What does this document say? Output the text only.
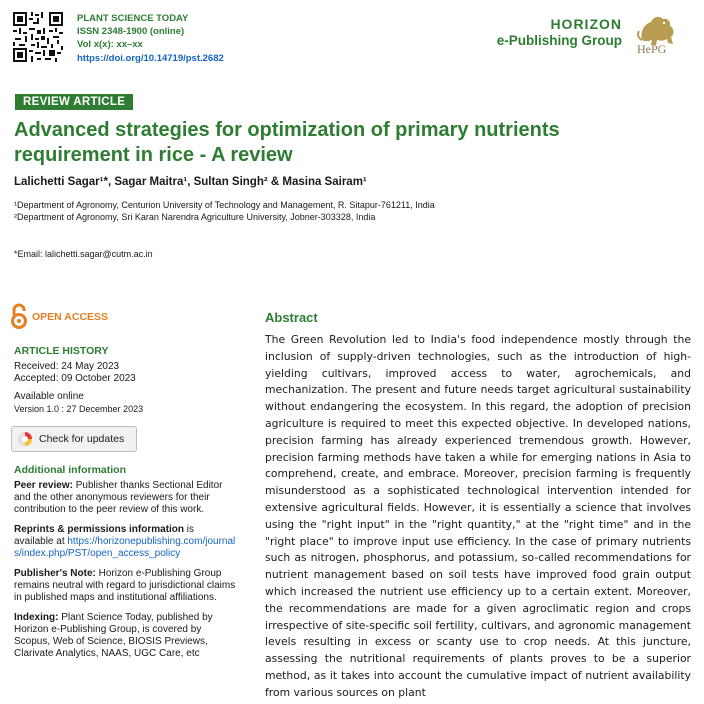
PLANT SCIENCE TODAY
ISSN 2348-1900 (online)
Vol x(x): xx–xx
https://doi.org/10.14719/pst.2682
HORIZON
e-Publishing Group
HePG
REVIEW ARTICLE
Advanced strategies for optimization of primary nutrients requirement in rice - A review
Lalichetti Sagar¹*, Sagar Maitra¹, Sultan Singh² & Masina Sairam¹
¹Department of Agronomy, Centurion University of Technology and Management, R. Sitapur-761211, India
²Department of Agronomy, Sri Karan Narendra Agriculture University, Jobner-303328, India
*Email: lalichetti.sagar@cutm.ac.in
OPEN ACCESS
ARTICLE HISTORY
Received: 24 May 2023
Accepted: 09 October 2023
Available online
Version 1.0 : 27 December 2023
Check for updates
Additional information
Peer review: Publisher thanks Sectional Editor and the other anonymous reviewers for their contribution to the peer review of this work.
Reprints & permissions information is available at https://horizonepublishing.com/journals/index.php/PST/open_access_policy
Publisher's Note: Horizon e-Publishing Group remains neutral with regard to jurisdictional claims in published maps and institutional affiliations.
Indexing: Plant Science Today, published by Horizon e-Publishing Group, is covered by Scopus, Web of Science, BIOSIS Previews, Clarivate Analytics, NAAS, UGC Care, etc
Abstract

The Green Revolution led to India's food independence mostly through the inclusion of supply-driven technologies, such as the introduction of high-yielding cultivars, improved access to water, agrochemicals, and mechanization. The present and future needs target agricultural sustainability without endangering the ecosystem. In this regard, the adoption of precision agriculture is required to meet this expected objective. In developed nations, precision farming has already experienced tremendous growth. However, precision farming methods have taken a while for emerging nations in Asia to comprehend, create, and embrace. Moreover, precision farming is frequently misunderstood as a sophisticated technological intervention intended for extensive agricultural fields. However, it is essentially a science that involves using the "right input" in the "right quantity," at the "right time" and in the "right place" to improve input use efficiency. In the case of primary nutrients such as nitrogen, phosphorus, and potassium, so-called recommendations for nutrient management based on soil tests have improved food grain output which increased the nutrient use efficiency up to a certain extent. Moreover, the recommendations are made for a given agroclimatic region and crops irrespective of site-specific soil fertility, cultivars, and agronomic management levels resulting in excess or scanty use to crop needs. At this juncture, assessing the nutritional requirements of plants proves to be a superior method, as it takes into account the cumulative impact of nutrient availability from various sources on plant
